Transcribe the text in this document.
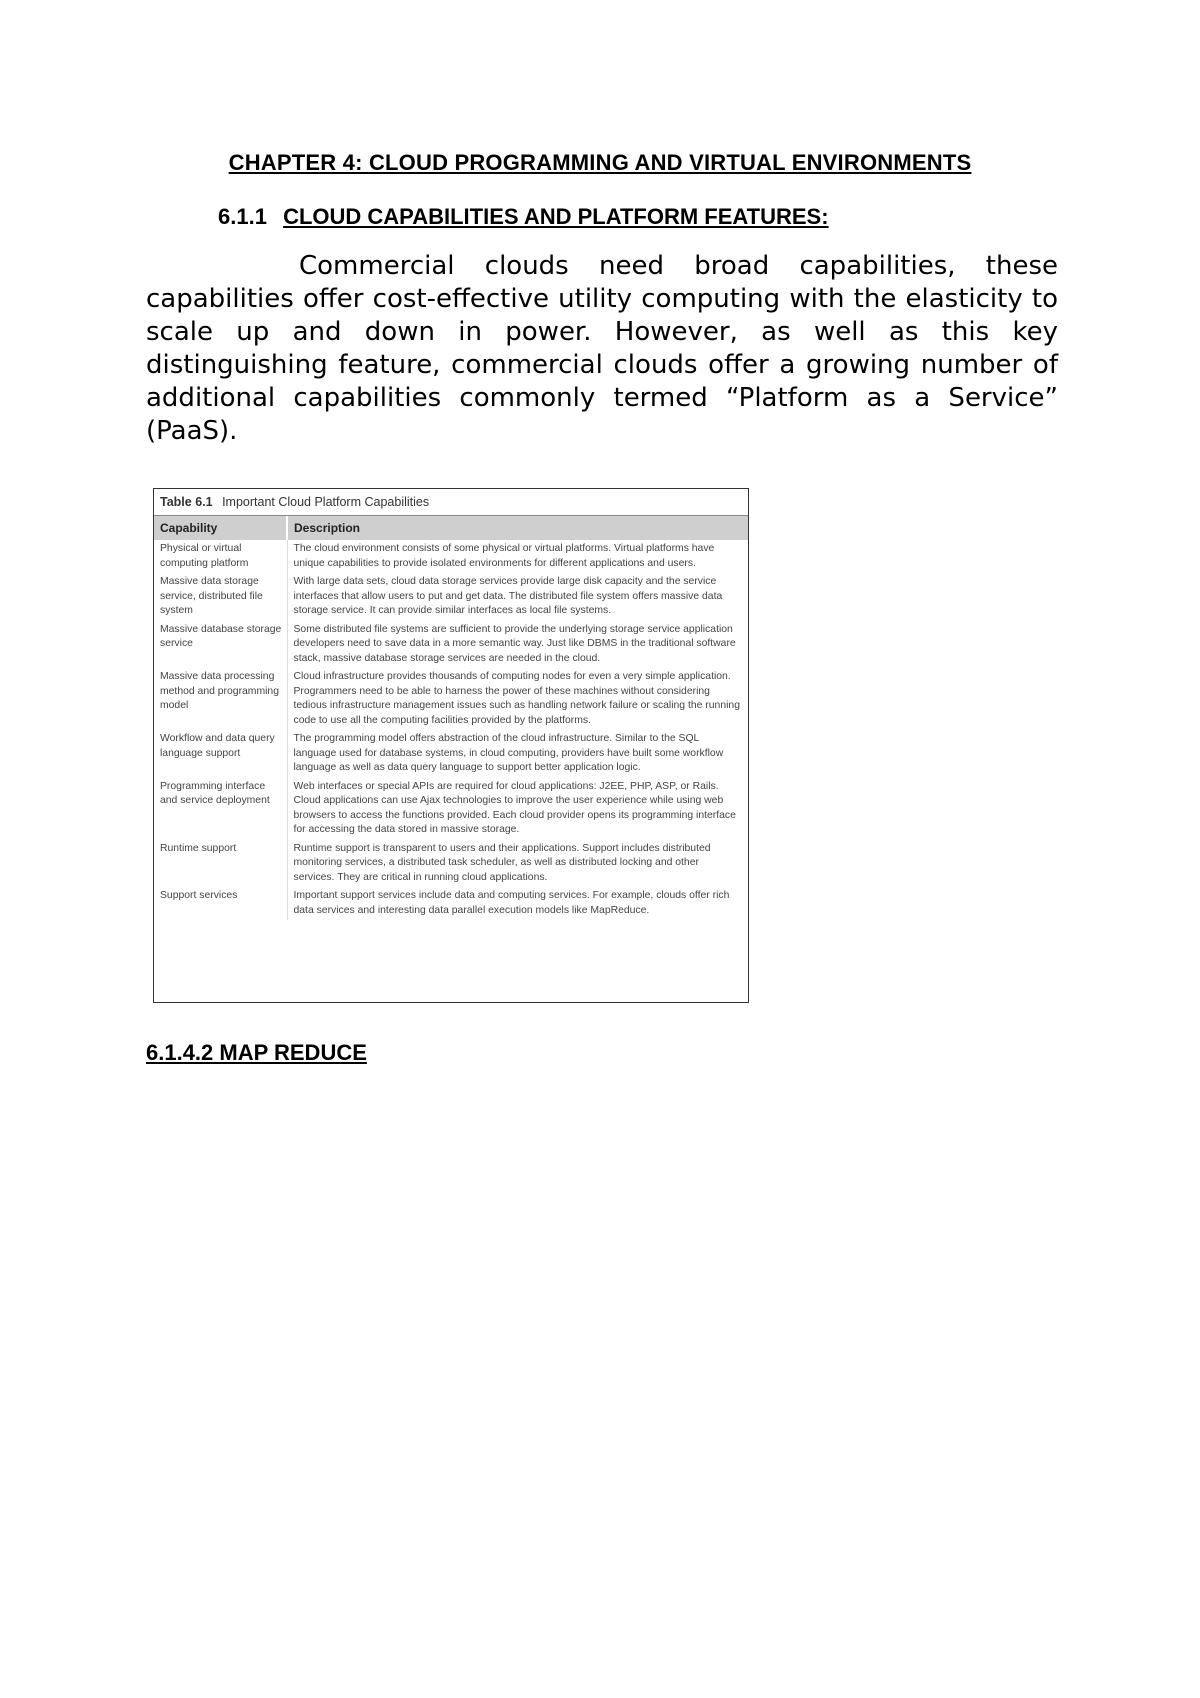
CHAPTER 4: CLOUD PROGRAMMING AND VIRTUAL ENVIRONMENTS
6.1.1 CLOUD CAPABILITIES AND PLATFORM FEATURES:

Commercial clouds need broad capabilities, these capabilities offer cost-effective utility computing with the elasticity to scale up and down in power. However, as well as this key distinguishing feature, commercial clouds offer a growing number of additional capabilities commonly termed “Platform as a Service” (PaaS).

Table 6.1 Important Cloud Platform Capabilities
Capability	Description
Physical or virtual computing platform	The cloud environment consists of some physical or virtual platforms. Virtual platforms have unique capabilities to provide isolated environments for different applications and users.
Massive data storage service, distributed file system	With large data sets, cloud data storage services provide large disk capacity and the service interfaces that allow users to put and get data. The distributed file system offers massive data storage service. It can provide similar interfaces as local file systems.
Massive database storage service	Some distributed file systems are sufficient to provide the underlying storage service application developers need to save data in a more semantic way. Just like DBMS in the traditional software stack, massive database storage services are needed in the cloud.
Massive data processing method and programming model	Cloud infrastructure provides thousands of computing nodes for even a very simple application. Programmers need to be able to harness the power of these machines without considering tedious infrastructure management issues such as handling network failure or scaling the running code to use all the computing facilities provided by the platforms.
Workflow and data query language support	The programming model offers abstraction of the cloud infrastructure. Similar to the SQL language used for database systems, in cloud computing, providers have built some workflow language as well as data query language to support better application logic.
Programming interface and service deployment	Web interfaces or special APIs are required for cloud applications: J2EE, PHP, ASP, or Rails. Cloud applications can use Ajax technologies to improve the user experience while using web browsers to access the functions provided. Each cloud provider opens its programming interface for accessing the data stored in massive storage.
Runtime support	Runtime support is transparent to users and their applications. Support includes distributed monitoring services, a distributed task scheduler, as well as distributed locking and other services. They are critical in running cloud applications.
Support services	Important support services include data and computing services. For example, clouds offer rich data services and interesting data parallel execution models like MapReduce.
6.1.4.2 MAP REDUCE
